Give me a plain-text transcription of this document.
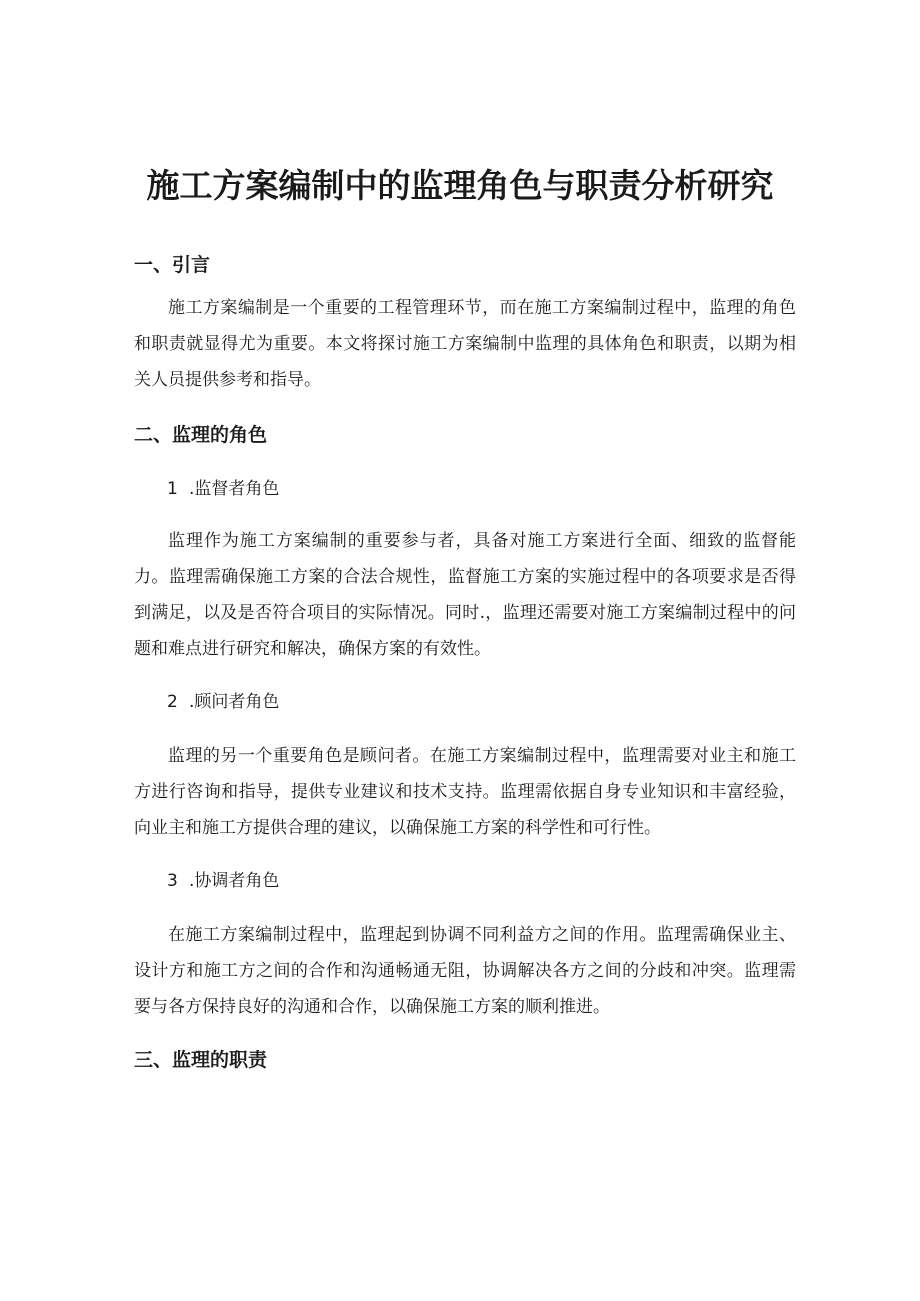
施工方案编制中的监理角色与职责分析研究
一、引言

施工方案编制是一个重要的工程管理环节，而在施工方案编制过程中，监理的角色和职责就显得尤为重要。本文将探讨施工方案编制中监理的具体角色和职责，以期为相关人员提供参考和指导。

二、监理的角色
1 .监督者角色

监理作为施工方案编制的重要参与者，具备对施工方案进行全面、细致的监督能力。监理需确保施工方案的合法合规性，监督施工方案的实施过程中的各项要求是否得到满足，以及是否符合项目的实际情况。同时.，监理还需要对施工方案编制过程中的问题和难点进行研究和解决，确保方案的有效性。

2 .顾问者角色

监理的另一个重要角色是顾问者。在施工方案编制过程中，监理需要对业主和施工方进行咨询和指导，提供专业建议和技术支持。监理需依据自身专业知识和丰富经验，向业主和施工方提供合理的建议，以确保施工方案的科学性和可行性。

3 .协调者角色

在施工方案编制过程中，监理起到协调不同利益方之间的作用。监理需确保业主、设计方和施工方之间的合作和沟通畅通无阻，协调解决各方之间的分歧和冲突。监理需要与各方保持良好的沟通和合作，以确保施工方案的顺利推进。

三、监理的职责
